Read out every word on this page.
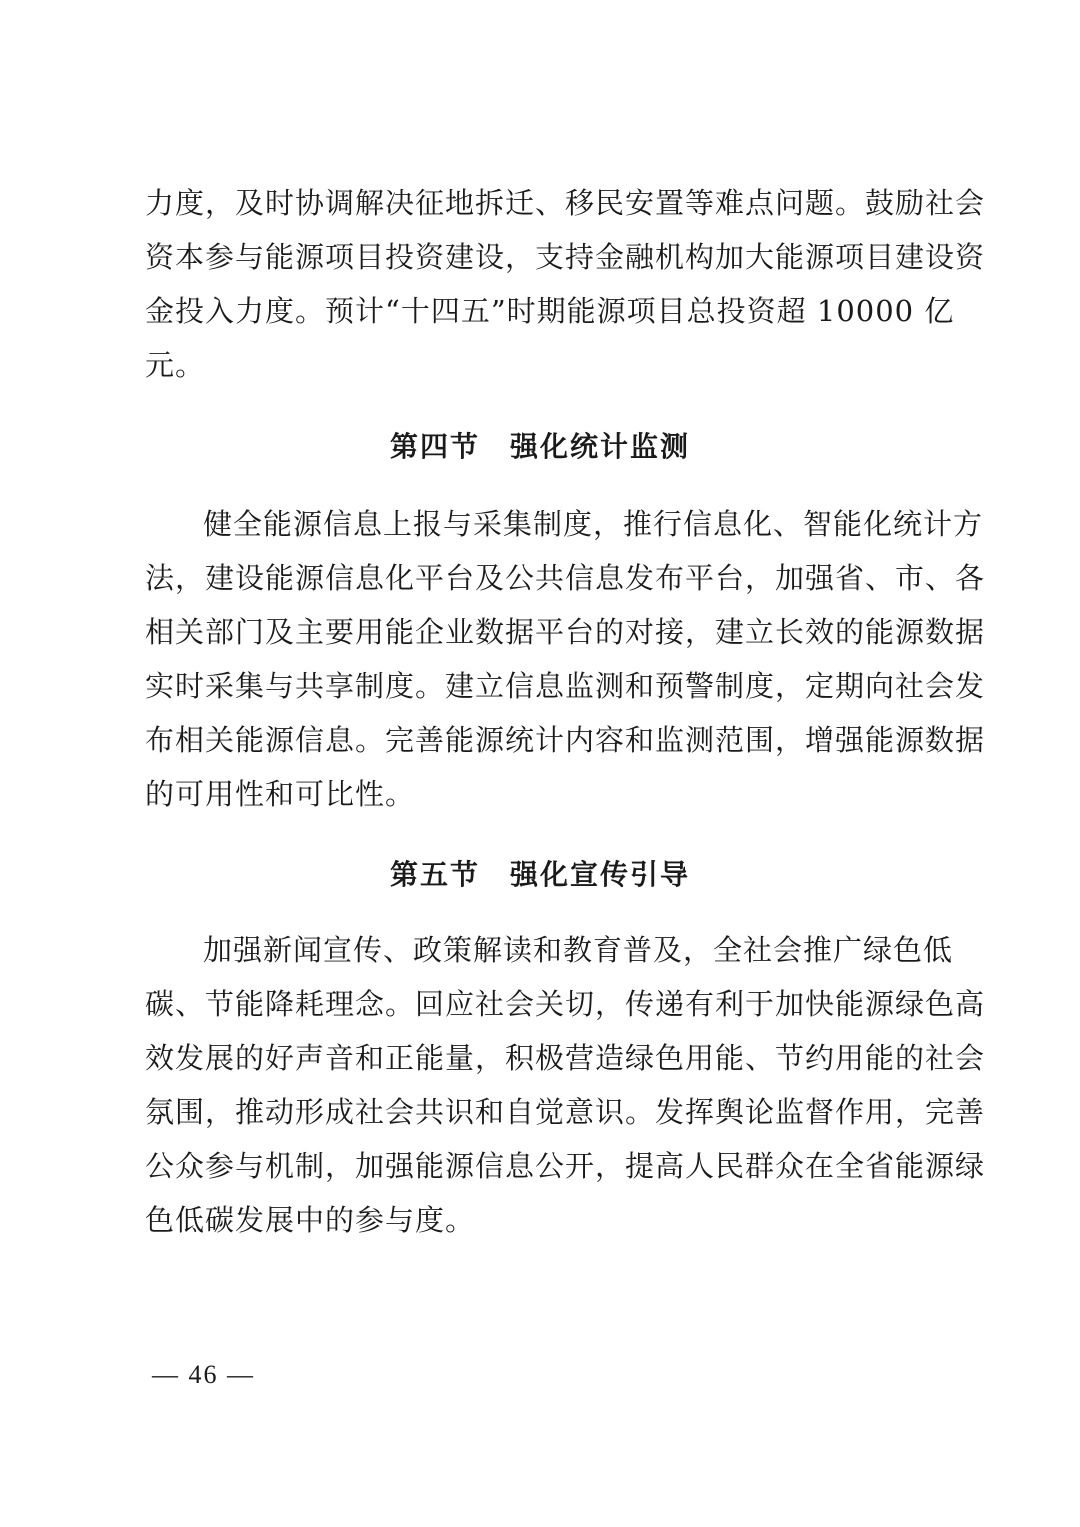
力度，及时协调解决征地拆迁、移民安置等难点问题。鼓励社会
资本参与能源项目投资建设，支持金融机构加大能源项目建设资
金投入力度。预计“十四五”时期能源项目总投资超 10000 亿
元。
第四节 强化统计监测
健全能源信息上报与采集制度，推行信息化、智能化统计方
法，建设能源信息化平台及公共信息发布平台，加强省、市、各
相关部门及主要用能企业数据平台的对接，建立长效的能源数据
实时采集与共享制度。建立信息监测和预警制度，定期向社会发
布相关能源信息。完善能源统计内容和监测范围，增强能源数据
的可用性和可比性。
第五节 强化宣传引导
加强新闻宣传、政策解读和教育普及，全社会推广绿色低
碳、节能降耗理念。回应社会关切，传递有利于加快能源绿色高
效发展的好声音和正能量，积极营造绿色用能、节约用能的社会
氛围，推动形成社会共识和自觉意识。发挥舆论监督作用，完善
公众参与机制，加强能源信息公开，提高人民群众在全省能源绿
色低碳发展中的参与度。
— 46 —
